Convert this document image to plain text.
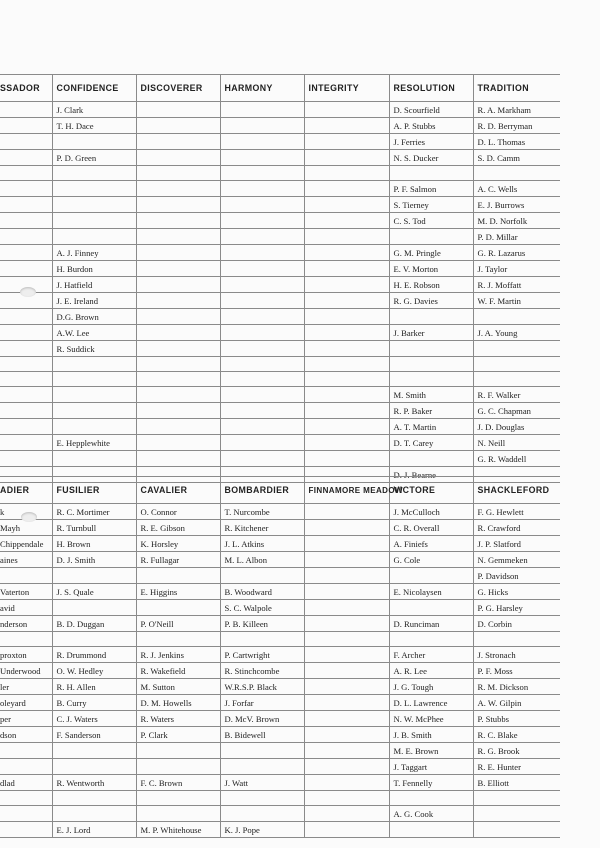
SSADOR	CONFIDENCE	DISCOVERER	HARMONY	INTEGRITY	RESOLUTION	TRADITION
	J. Clark				D. Scourfield	R. A. Markham
	T. H. Dace				A. P. Stubbs	R. D. Berryman
					J. Ferries	D. L. Thomas
	P. D. Green				N. S. Ducker	S. D. Camm

					P. F. Salmon	A. C. Wells
					S. Tierney	E. J. Burrows
					C. S. Tod	M. D. Norfolk
						P. D. Millar
	A. J. Finney				G. M. Pringle	G. R. Lazarus
	H. Burdon				E. V. Morton	J. Taylor
	J. Hatfield				H. E. Robson	R. J. Moffatt
	J. E. Ireland				R. G. Davies	W. F. Martin
	D.G. Brown					
	A.W. Lee				J. Barker	J. A. Young
	R. Suddick					

					M. Smith	R. F. Walker
					R. P. Baker	G. C. Chapman
					A. T. Martin	J. D. Douglas
	E. Hepplewhite				D. T. Carey	N. Neill
						G. R. Waddell
					D. J. Bearne	
ADIER	FUSILIER	CAVALIER	BOMBARDIER	FINNAMORE MEADOW	VICTORE	SHACKLEFORD
k	R. C. Mortimer	O. Connor	T. Nurcombe		J. McCulloch	F. G. Hewlett
Mayh	R. Turnbull	R. E. Gibson	R. Kitchener		C. R. Overall	R. Crawford
Chippendale	H. Brown	K. Horsley	J. L. Atkins		A. Finiefs	J. P. Slatford
aines	D. J. Smith	R. Fullagar	M. L. Albon		G. Cole	N. Gemmeken
						P. Davidson
Vaterton	J. S. Quale	E. Higgins	B. Woodward		E. Nicolaysen	G. Hicks
avid			S. C. Walpole			P. G. Harsley
nderson	B. D. Duggan	P. O'Neill	P. B. Killeen		D. Runciman	D. Corbin

proxton	R. Drummond	R. J. Jenkins	P. Cartwright		F. Archer	J. Stronach
Underwood	O. W. Hedley	R. Wakefield	R. Stinchcombe		A. R. Lee	P. F. Moss
ler	R. H. Allen	M. Sutton	W.R.S.P. Black		J. G. Tough	R. M. Dickson
oleyard	B. Curry	D. M. Howells	J. Forfar		D. L. Lawrence	A. W. Gilpin
per	C. J. Waters	R. Waters	D. McV. Brown		N. W. McPhee	P. Stubbs
dson	F. Sanderson	P. Clark	B. Bidewell		J. B. Smith	R. C. Blake
					M. E. Brown	R. G. Brook
					J. Taggart	R. E. Hunter
dlad	R. Wentworth	F. C. Brown	J. Watt		T. Fennelly	B. Elliott

					A. G. Cook	
	E. J. Lord	M. P. Whitehouse	K. J. Pope			
